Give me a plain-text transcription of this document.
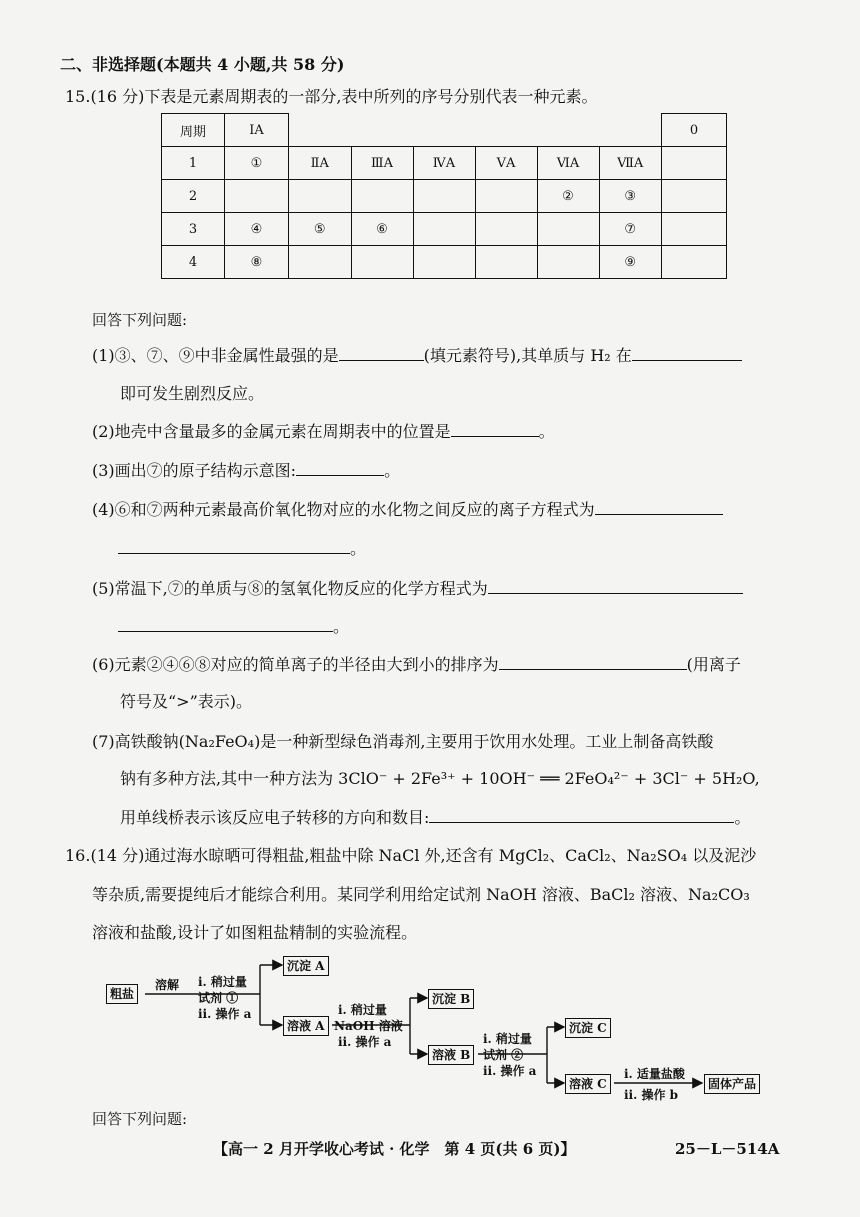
二、非选择题(本题共 4 小题,共 58 分)
15.(16 分)下表是元素周期表的一部分,表中所列的序号分别代表一种元素。
周期	ⅠA							0
1	①	ⅡA	ⅢA	ⅣA	ⅤA	ⅥA	ⅦA	
2						②	③	
3	④	⑤	⑥				⑦	
4	⑧						⑨	
回答下列问题:
(1)③、⑦、⑨中非金属性最强的是	(填元素符号),其单质与 H₂ 在
即可发生剧烈反应。
(2)地壳中含量最多的金属元素在周期表中的位置是	。
(3)画出⑦的原子结构示意图:	。
(4)⑥和⑦两种元素最高价氧化物对应的水化物之间反应的离子方程式为
。
(5)常温下,⑦的单质与⑧的氢氧化物反应的化学方程式为
。
(6)元素②④⑥⑧对应的简单离子的半径由大到小的排序为	(用离子
符号及“>”表示)。
(7)高铁酸钠(Na₂FeO₄)是一种新型绿色消毒剂,主要用于饮用水处理。工业上制备高铁酸
钠有多种方法,其中一种方法为 3ClO⁻ + 2Fe³⁺ + 10OH⁻ ══ 2FeO₄²⁻ + 3Cl⁻ + 5H₂O,
用单线桥表示该反应电子转移的方向和数目:	。
16.(14 分)通过海水晾晒可得粗盐,粗盐中除 NaCl 外,还含有 MgCl₂、CaCl₂、Na₂SO₄ 以及泥沙
等杂质,需要提纯后才能综合利用。某同学利用给定试剂 NaOH 溶液、BaCl₂ 溶液、Na₂CO₃
溶液和盐酸,设计了如图粗盐精制的实验流程。
粗盐
溶解 ⅰ. 稍过量
试剂 ①
ⅱ. 操作 a
沉淀 A
溶液 A
ⅰ. 稍过量
NaOH 溶液
ⅱ. 操作 a
沉淀 B
溶液 B
ⅰ. 稍过量
试剂 ②
ⅱ. 操作 a
沉淀 C
溶液 C
ⅰ. 适量盐酸
ⅱ. 操作 b
固体产品
回答下列问题:
【高一 2 月开学收心考试 · 化学　第 4 页(共 6 页)】	25－L－514A
